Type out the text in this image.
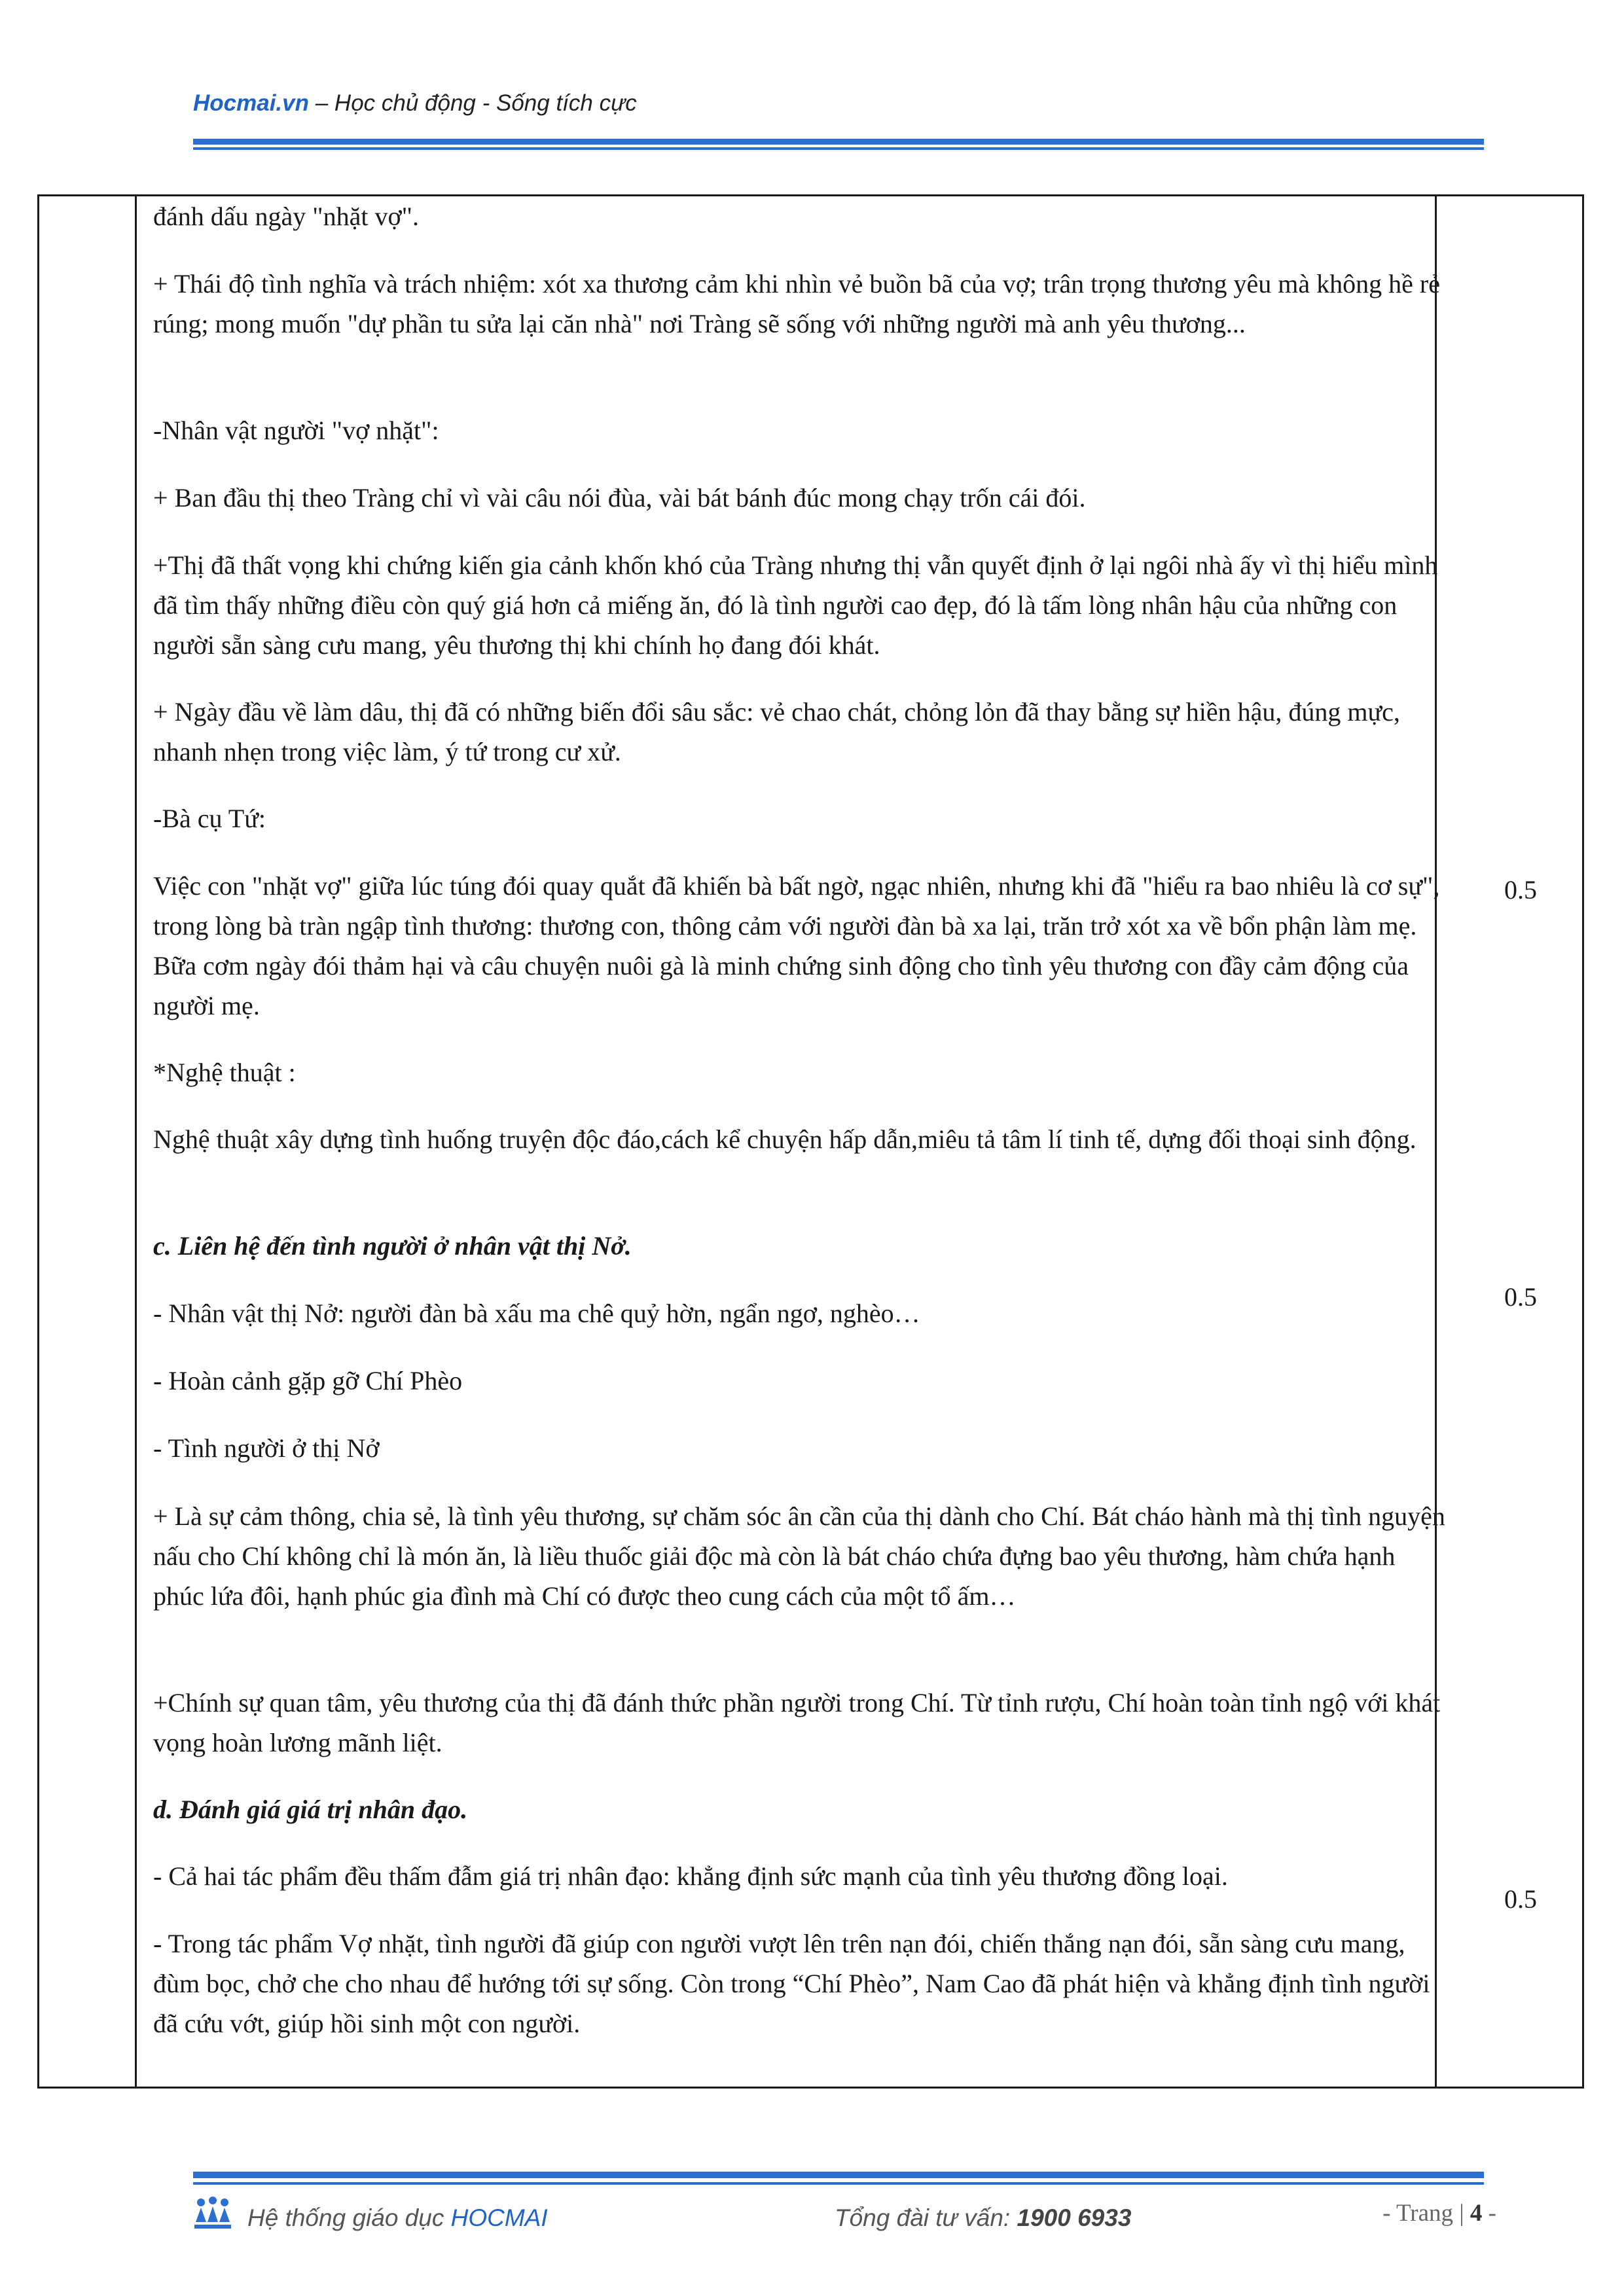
Hocmai.vn – Học chủ động - Sống tích cực
đánh dấu ngày "nhặt vợ".
+ Thái độ tình nghĩa và trách nhiệm: xót xa thương cảm khi nhìn vẻ buồn bã của vợ; trân trọng thương yêu mà không hề rẻ rúng; mong muốn "dự phần tu sửa lại căn nhà" nơi Tràng sẽ sống với những người mà anh yêu thương...
-Nhân vật người "vợ nhặt":
+ Ban đầu thị theo Tràng chỉ vì vài câu nói đùa, vài bát bánh đúc mong chạy trốn cái đói.
+Thị đã thất vọng khi chứng kiến gia cảnh khốn khó của Tràng nhưng thị vẫn quyết định ở lại ngôi nhà ấy vì thị hiểu mình đã tìm thấy những điều còn quý giá hơn cả miếng ăn, đó là tình người cao đẹp, đó là tấm lòng nhân hậu của những con người sẵn sàng cưu mang, yêu thương thị khi chính họ đang đói khát.
+ Ngày đầu về làm dâu, thị đã có những biến đổi sâu sắc: vẻ chao chát, chỏng lỏn đã thay bằng sự hiền hậu, đúng mực, nhanh nhẹn trong việc làm, ý tứ trong cư xử.
-Bà cụ Tứ:
Việc con "nhặt vợ" giữa lúc túng đói quay quắt đã khiến bà bất ngờ, ngạc nhiên, nhưng khi đã "hiểu ra bao nhiêu là cơ sự", trong lòng bà tràn ngập tình thương: thương con, thông cảm với người đàn bà xa lại, trăn trở xót xa về bổn phận làm mẹ. Bữa cơm ngày đói thảm hại và câu chuyện nuôi gà là minh chứng sinh động cho tình yêu thương con đầy cảm động của người mẹ.
*Nghệ thuật :
Nghệ thuật xây dựng tình huống truyện độc đáo,cách kể chuyện hấp dẫn,miêu tả tâm lí tinh tế, dựng đối thoại sinh động.
c. Liên hệ đến tình người ở nhân vật thị Nở.
- Nhân vật thị Nở: người đàn bà xấu ma chê quỷ hờn, ngẩn ngơ, nghèo…
- Hoàn cảnh gặp gỡ Chí Phèo
- Tình người ở thị Nở
+ Là sự cảm thông, chia sẻ, là tình yêu thương, sự chăm sóc ân cần của thị dành cho Chí. Bát cháo hành mà thị tình nguyện nấu cho Chí không chỉ là món ăn, là liều thuốc giải độc mà còn là bát cháo chứa đựng bao yêu thương, hàm chứa hạnh phúc lứa đôi, hạnh phúc gia đình mà Chí có được theo cung cách của một tổ ấm…
+Chính sự quan tâm, yêu thương của thị đã đánh thức phần người trong Chí. Từ tỉnh rượu, Chí hoàn toàn tỉnh ngộ với khát vọng hoàn lương mãnh liệt.
d. Đánh giá giá trị nhân đạo.
- Cả hai tác phẩm đều thấm đẫm giá trị nhân đạo: khẳng định sức mạnh của tình yêu thương đồng loại.
- Trong tác phẩm Vợ nhặt, tình người đã giúp con người vượt lên trên nạn đói, chiến thắng nạn đói, sẵn sàng cưu mang, đùm bọc, chở che cho nhau để hướng tới sự sống. Còn trong “Chí Phèo”, Nam Cao đã phát hiện và khẳng định tình người đã cứu vớt, giúp hồi sinh một con người.
0.5
0.5
0.5
Hệ thống giáo dục HOCMAI	Tổng đài tư vấn: 1900 6933	- Trang | 4 -
